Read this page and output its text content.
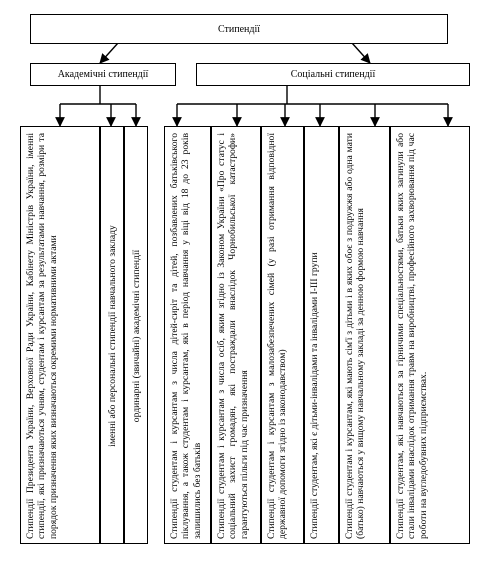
Стипендії
Академічні стипендії	Соціальні стипендії
Стипендії Президента України, Верховної Ради України, Кабінету Міністрів України, іменні стипендії, які призначаються учням, студентам і курсантам за результатами навчання, розміри та порядок призначення яких визначаються окремими нормативними актами	іменні або персональні стипендії навчального закладу ординарні (звичайні) академічні стипендії	Стипендії студентам і курсантам з числа дітей-сиріт та дітей, позбавлених батьківського піклування, а також студентам і курсантам, які в період навчання у віці від 18 до 23 років залишились без батьків Стипендії студентам і курсантам з числа осіб, яким згідно із Законом України «Про статус і соціальний захист громадян, які постраждали внаслідок Чорнобильської катастрофи» гарантуються пільги під час призначення Стипендії студентам і курсантам з малозабезпечених сімей (у разі отримання відповідної державної допомоги згідно із законодавством) Стипендії студентам, які є дітьми-інвалідами та інвалідами І-ІІІ групи	Стипендії студентам і курсантам, які мають сім'ї з дітьми і в яких обоє з подружжя або одна мати (батько) навчаються у вищому навчальному закладі за денною формою навчання	Стипендії студентам, які навчаються за гірничими спеціальностями, батьки яких загинули або стали інвалідами внаслідок отримання травм на виробництві, професійного захворювання під час роботи на вугледобувних підприємствах.
